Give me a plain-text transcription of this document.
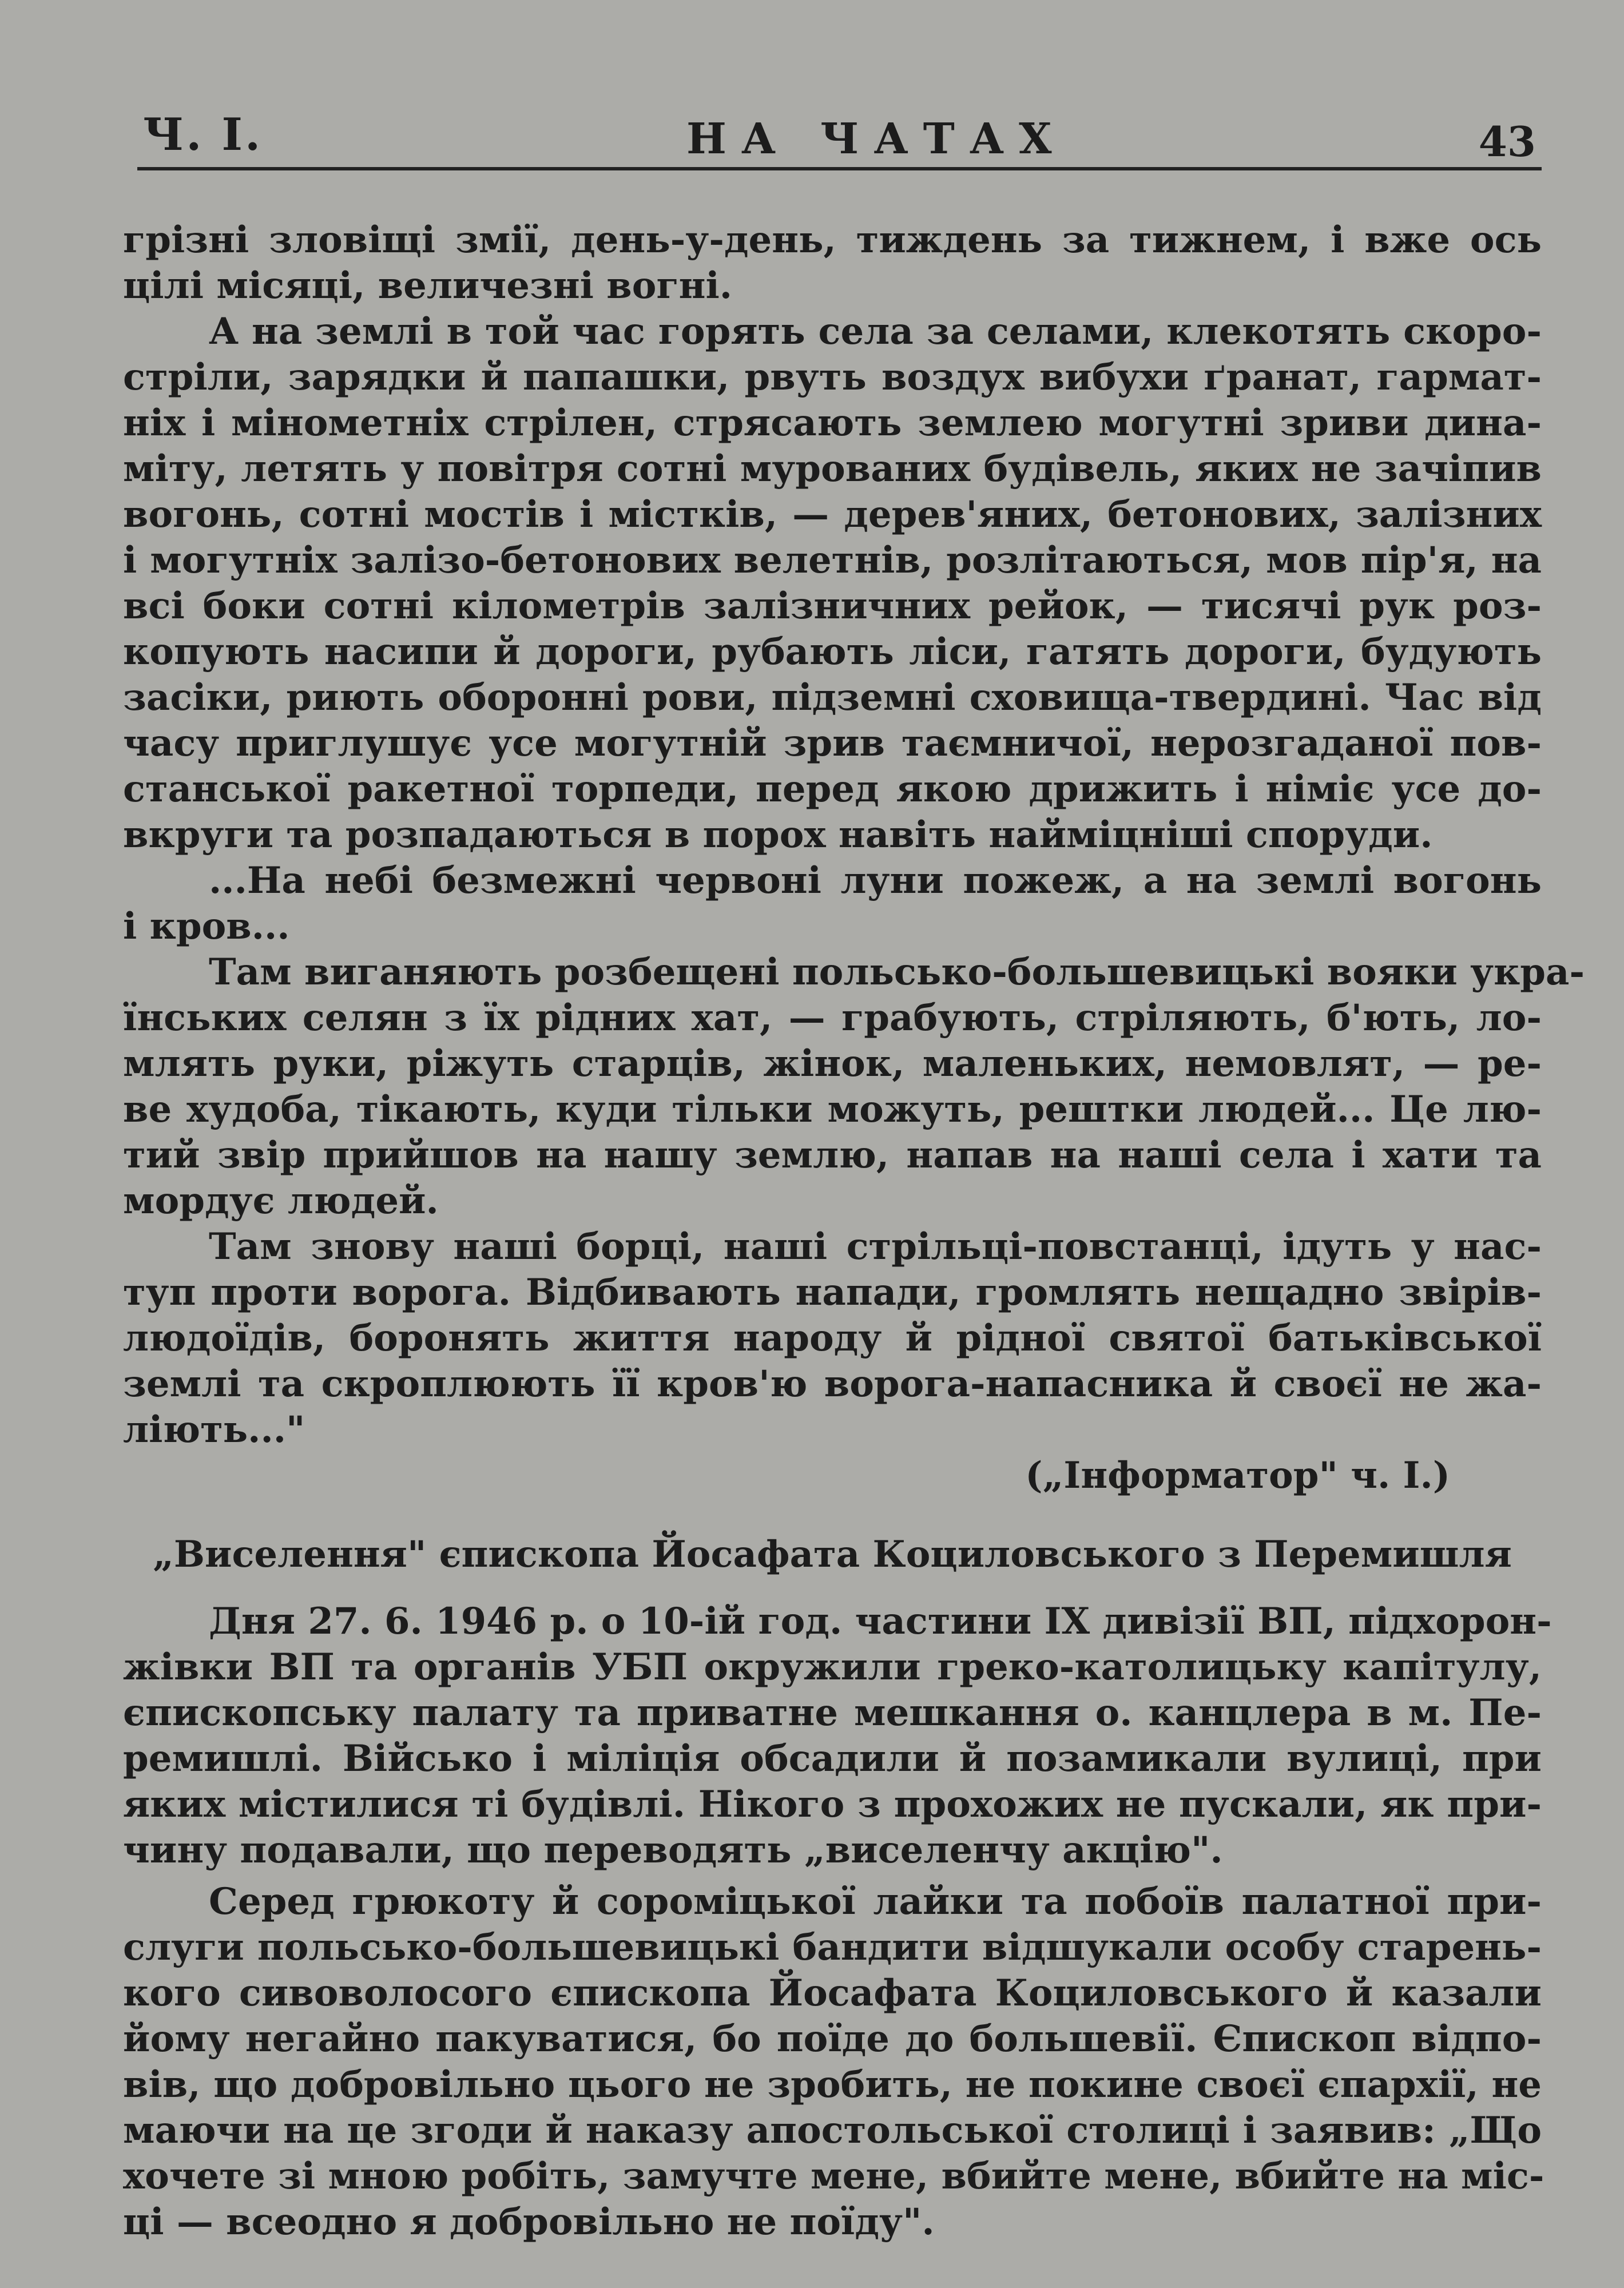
Ч. І.	НА ЧАТАХ	43
грізні зловіщі змії, день-у-день, тиждень за тижнем, і вже ось
цілі місяці, величезні вогні.
А на землі в той час горять села за селами, клекотять скоро-
стріли, зарядки й папашки, рвуть воздух вибухи ґранат, гармат-
ніх і мінометніх стрілен, стрясають землею могутні зриви дина-
міту, летять у повітря сотні мурованих будівель, яких не зачіпив
вогонь, сотні мостів і містків, — дерев'яних, бетонових, залізних
і могутніх залізо-бетонових велетнів, розлітаються, мов пір'я, на
всі боки сотні кілометрів залізничних рейок, — тисячі рук роз-
копують насипи й дороги, рубають ліси, гатять дороги, будують
засіки, риють оборонні рови, підземні сховища-твердині. Час від
часу приглушує усе могутній зрив таємничої, нерозгаданої пов-
станської ракетної торпеди, перед якою дрижить і німіє усе до-
вкруги та розпадаються в порох навіть найміцніші споруди.
...На небі безмежні червоні луни пожеж, а на землі вогонь
і кров...
Там виганяють розбещені польсько-большевицькі вояки укра-
їнських селян з їх рідних хат, — грабують, стріляють, б'ють, ло-
млять руки, ріжуть старців, жінок, маленьких, немовлят, — ре-
ве худоба, тікають, куди тільки можуть, рештки людей... Це лю-
тий звір прийшов на нашу землю, напав на наші села і хати та
мордує людей.
Там знову наші борці, наші стрільці-повстанці, ідуть у нас-
туп проти ворога. Відбивають напади, громлять нещадно звірів-
людоїдів, боронять життя народу й рідної святої батьківської
землі та скроплюють її кров'ю ворога-напасника й своєї не жа-
ліють..."
(„Інформатор" ч. І.)
„Виселення" єпископа Йосафата Коциловського з Перемишля
Дня 27. 6. 1946 р. о 10-ій год. частини IX дивізії ВП, підхорон-
жівки ВП та органів УБП окружили греко-католицьку капітулу,
єпископську палату та приватне мешкання о. канцлера в м. Пе-
ремишлі. Військо і міліція обсадили й позамикали вулиці, при
яких містилися ті будівлі. Нікого з прохожих не пускали, як при-
чину подавали, що переводять „виселенчу акцію".
Серед грюкоту й сороміцької лайки та побоїв палатної при-
слуги польсько-большевицькі бандити відшукали особу старень-
кого сивоволосого єпископа Йосафата Коциловського й казали
йому негайно пакуватися, бо поїде до большевії. Єпископ відпо-
вів, що добровільно цього не зробить, не покине своєї єпархії, не
маючи на це згоди й наказу апостольської столиці і заявив: „Що
хочете зі мною робіть, замучте мене, вбийте мене, вбийте на міс-
ці — всеодно я добровільно не поїду".
